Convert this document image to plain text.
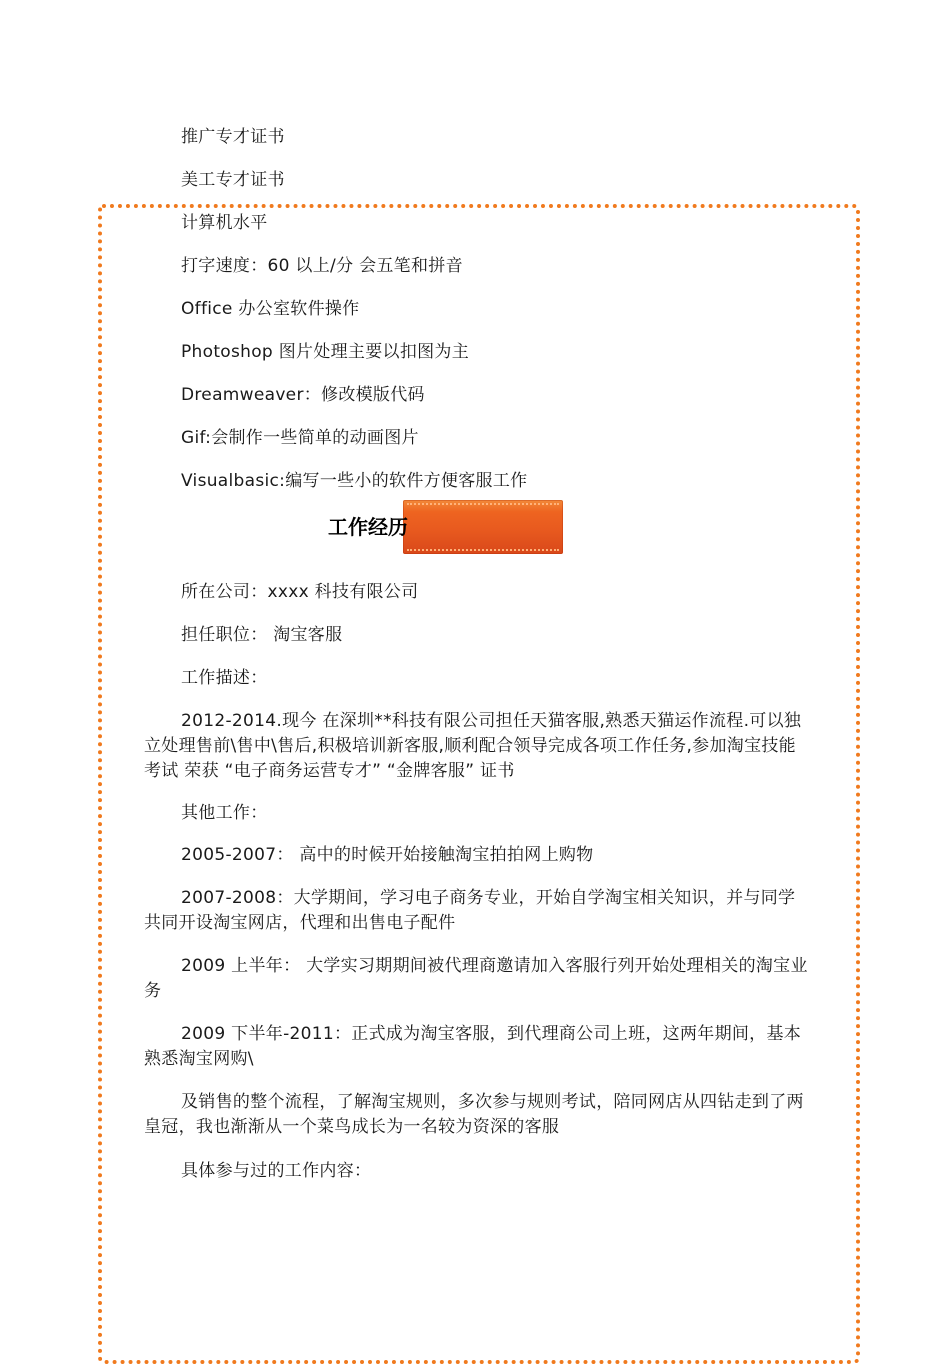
推广专才证书
美工专才证书
计算机水平
打字速度：60 以上/分 会五笔和拼音
Office 办公室软件操作
Photoshop 图片处理主要以扣图为主
Dreamweaver：修改模版代码
Gif:会制作一些简单的动画图片
Visualbasic:编写一些小的软件方便客服工作
工作经历
所在公司：xxxx 科技有限公司
担任职位： 淘宝客服
工作描述：
2012-2014.现今 在深圳**科技有限公司担任天猫客服,熟悉天猫运作流程.可以独立处理售前\售中\售后,积极培训新客服,顺利配合领导完成各项工作任务,参加淘宝技能考试 荣获 “电子商务运营专才” “金牌客服” 证书
其他工作：
2005-2007： 高中的时候开始接触淘宝拍拍网上购物
2007-2008：大学期间，学习电子商务专业，开始自学淘宝相关知识，并与同学共同开设淘宝网店，代理和出售电子配件
2009 上半年： 大学实习期期间被代理商邀请加入客服行列开始处理相关的淘宝业务
2009 下半年-2011：正式成为淘宝客服，到代理商公司上班，这两年期间，基本熟悉淘宝网购\
及销售的整个流程，了解淘宝规则，多次参与规则考试，陪同网店从四钻走到了两皇冠，我也渐渐从一个菜鸟成长为一名较为资深的客服
具体参与过的工作内容：
